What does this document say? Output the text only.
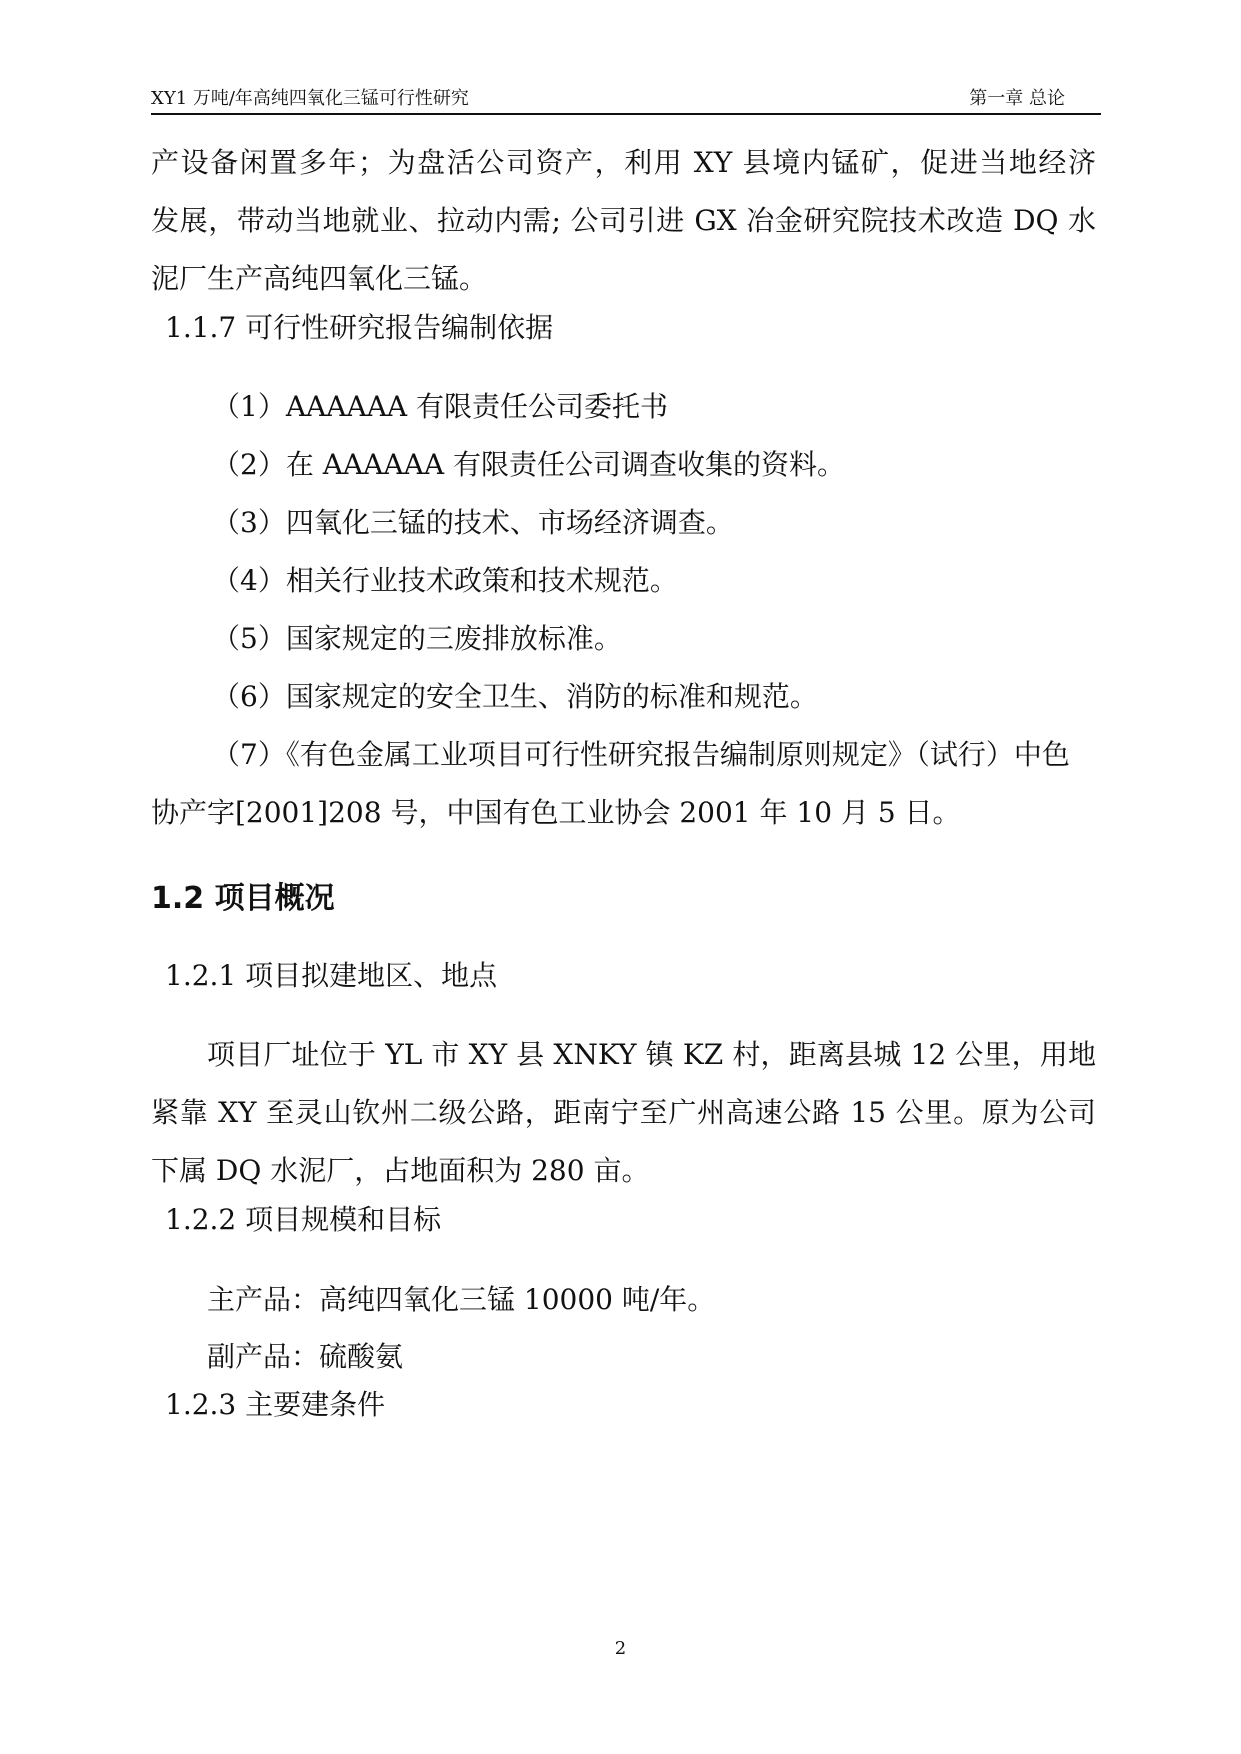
XY1 万吨/年高纯四氧化三锰可行性研究	第一章 总论
产设备闲置多年；为盘活公司资产，利用 XY 县境内锰矿，促进当地经济
发展，带动当地就业、拉动内需; 公司引进 GX 冶金研究院技术改造 DQ 水
泥厂生产高纯四氧化三锰。
1.1.7 可行性研究报告编制依据
（1）AAAAAA 有限责任公司委托书
（2）在 AAAAAA 有限责任公司调查收集的资料。
（3）四氧化三锰的技术、市场经济调查。
（4）相关行业技术政策和技术规范。
（5）国家规定的三废排放标准。
（6）国家规定的安全卫生、消防的标准和规范。
（7）《有色金属工业项目可行性研究报告编制原则规定》（试行）中色
协产字[2001]208 号，中国有色工业协会 2001 年 10 月 5 日。
1.2 项目概况
1.2.1 项目拟建地区、地点
项目厂址位于 YL 市 XY 县 XNKY 镇 KZ 村，距离县城 12 公里，用地
紧靠 XY 至灵山钦州二级公路，距南宁至广州高速公路 15 公里。原为公司
下属 DQ 水泥厂，占地面积为 280 亩。
1.2.2 项目规模和目标
主产品：高纯四氧化三锰 10000 吨/年。
副产品：硫酸氨
1.2.3 主要建条件
2
